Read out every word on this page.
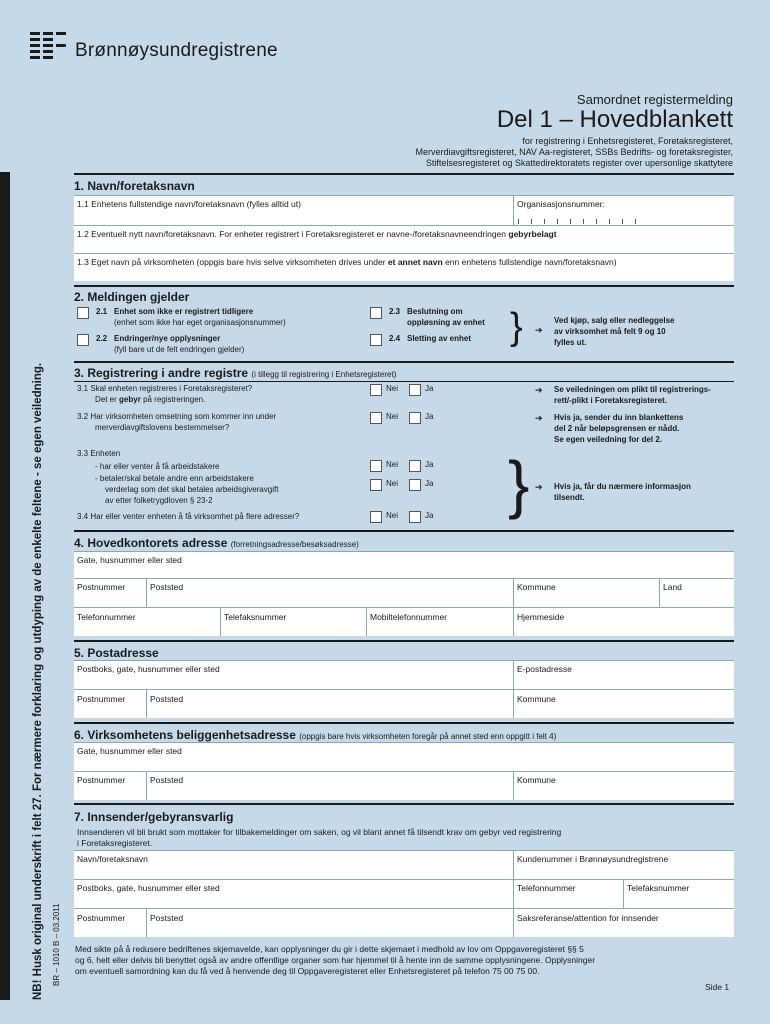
Brønnøysundregistrene
Samordnet registermelding
Del 1 – Hovedblankett
for registrering i Enhetsregisteret, Foretaksregisteret,
Merverdiavgiftsregisteret, NAV Aa-registeret, SSBs Bedrifts- og foretaksregister,
Stiftelsesregisteret og Skattedirektoratets register over upersonlige skattytere
NB! Husk original underskrift i felt 27. For nærmere forklaring og utdyping av de enkelte feltene - se egen veiledning. BR – 1010 B – 03.2011
1. Navn/foretaksnavn
1.1 Enhetens fullstendige navn/foretaksnavn (fylles alltid ut)	Organisasjonsnummer:
1.2 Eventuelt nytt navn/foretaksnavn. For enheter registrert i Foretaksregisteret er navne-/foretaksnavneendringen gebyrbelagt
1.3 Eget navn på virksomheten (oppgis bare hvis selve virksomheten drives under et annet navn enn enhetens fullstendige navn/foretaksnavn)
2. Meldingen gjelder
2.1 Enhet som ikke er registrert tidligere
(enhet som ikke har eget organisasjonsnummer)
2.2 Endringer/nye opplysninger
(fyll bare ut de felt endringen gjelder)
2.3 Beslutning om
oppløsning av enhet
2.4 Sletting av enhet } ➔
Ved kjøp, salg eller nedleggelse
av virksomhet må felt 9 og 10
fylles ut.
3. Registrering i andre registre (i tillegg til registrering i Enhetsregisteret)
3.1 Skal enheten registreres i Foretaksregisteret?
Det er gebyr på registreringen.
Nei	Ja	➔ Se veiledningen om plikt til registrerings-
rett/-plikt i Foretaksregisteret.
3.2 Har virksomheten omsetning som kommer inn under
merverdiavgiftslovens bestemmelser?
Nei	Ja	➔ Hvis ja, sender du inn blankettens
del 2 når beløpsgrensen er nådd.
Se egen veiledning for del 2.
3.3 Enheten
- har eller venter å få arbeidstakere	Nei	Ja
- betaler/skal betale andre enn arbeidstakere
verderlag som det skal betales arbeidsgiveravgift
av etter folketrygdloven § 23-2
Nei	Ja
3.4 Har eller venter enheten å få virksomhet på flere adresser?	Nei	Ja } ➔ Hvis ja, får du nærmere informasjon
tilsendt.
4. Hovedkontorets adresse (forretningsadresse/besøksadresse)
Gate, husnummer eller sted
Postnummer	Poststed	Kommune	Land
Telefonnummer	Telefaksnummer	Mobiltelefonnummer	Hjemmeside
5. Postadresse
Postboks, gate, husnummer eller sted	E-postadresse
Postnummer	Poststed	Kommune
6. Virksomhetens beliggenhetsadresse (oppgis bare hvis virksomheten foregår på annet sted enn oppgitt i felt 4)
Gate, husnummer eller sted
Postnummer	Poststed	Kommune
7. Innsender/gebyransvarlig
Innsenderen vil bli brukt som mottaker for tilbakemeldinger om saken, og vil blant annet få tilsendt krav om gebyr ved registrering
i Foretaksregisteret.
Navn/foretaksnavn	Kundenummer i Brønnøysundregistrene
Postboks, gate, husnummer eller sted	Telefonnummer	Telefaksnummer
Postnummer	Poststed	Saksreferanse/attention for innsender
Med sikte på å redusere bedriftenes skjemavelde, kan opplysninger du gir i dette skjemaet i medhold av lov om Oppgaveregisteret §§ 5
og 6, helt eller delvis bli benyttet også av andre offentlige organer som har hjemmel til å hente inn de samme opplysningene. Opplysninger
om eventuell samordning kan du få ved å henvende deg til Oppgaveregisteret eller Enhetsregisteret på telefon 75 00 75 00.
Side 1
